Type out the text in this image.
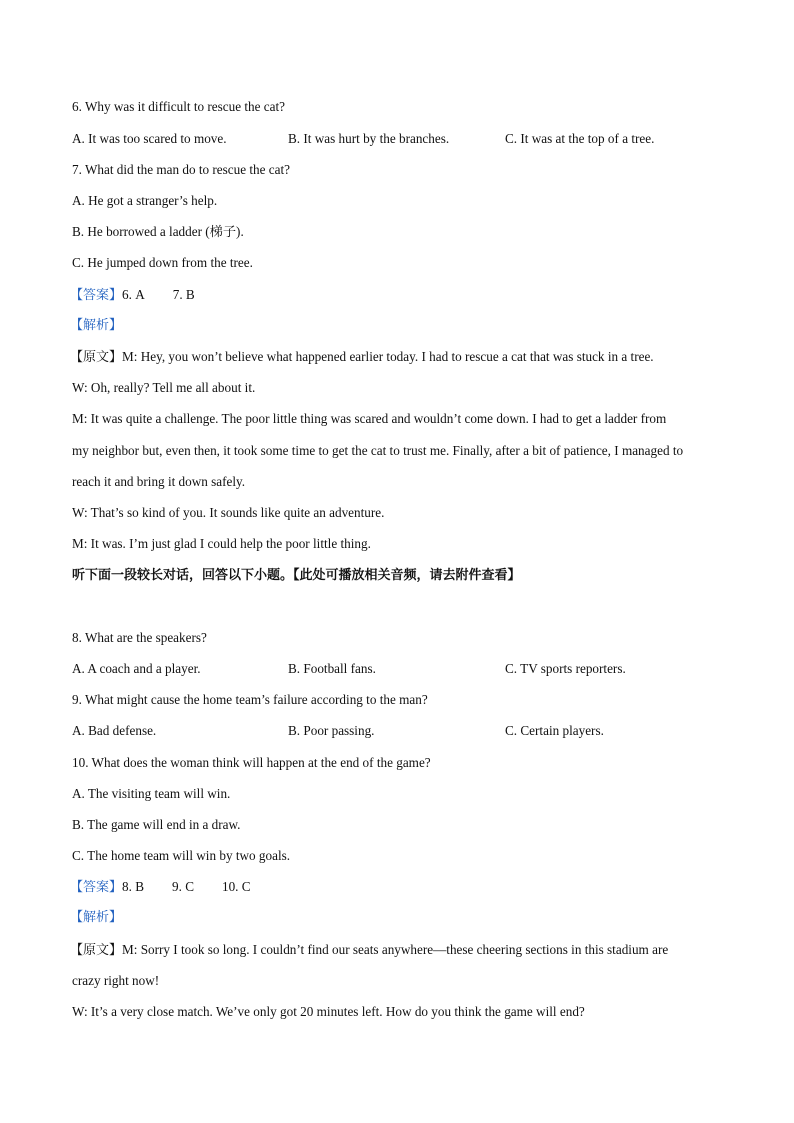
6. Why was it difficult to rescue the cat?
A. It was too scared to move.	B. It was hurt by the branches.	C. It was at the top of a tree.
7. What did the man do to rescue the cat?
A. He got a stranger’s help.
B. He borrowed a ladder (梯子).
C. He jumped down from the tree.
【答案】6. A 7. B
【解析】
【原文】M: Hey, you won’t believe what happened earlier today. I had to rescue a cat that was stuck in a tree.
W: Oh, really? Tell me all about it.
M: It was quite a challenge. The poor little thing was scared and wouldn’t come down. I had to get a ladder from
my neighbor but, even then, it took some time to get the cat to trust me. Finally, after a bit of patience, I managed to
reach it and bring it down safely.
W: That’s so kind of you. It sounds like quite an adventure.
M: It was. I’m just glad I could help the poor little thing.
听下面一段较长对话，回答以下小题。【此处可播放相关音频，请去附件查看】
8. What are the speakers?
A. A coach and a player.	B. Football fans.	C. TV sports reporters.
9. What might cause the home team’s failure according to the man?
A. Bad defense.	B. Poor passing.	C. Certain players.
10. What does the woman think will happen at the end of the game?
A. The visiting team will win.
B. The game will end in a draw.
C. The home team will win by two goals.
【答案】8. B 9. C 10. C
【解析】
【原文】M: Sorry I took so long. I couldn’t find our seats anywhere—these cheering sections in this stadium are
crazy right now!
W: It’s a very close match. We’ve only got 20 minutes left. How do you think the game will end?
